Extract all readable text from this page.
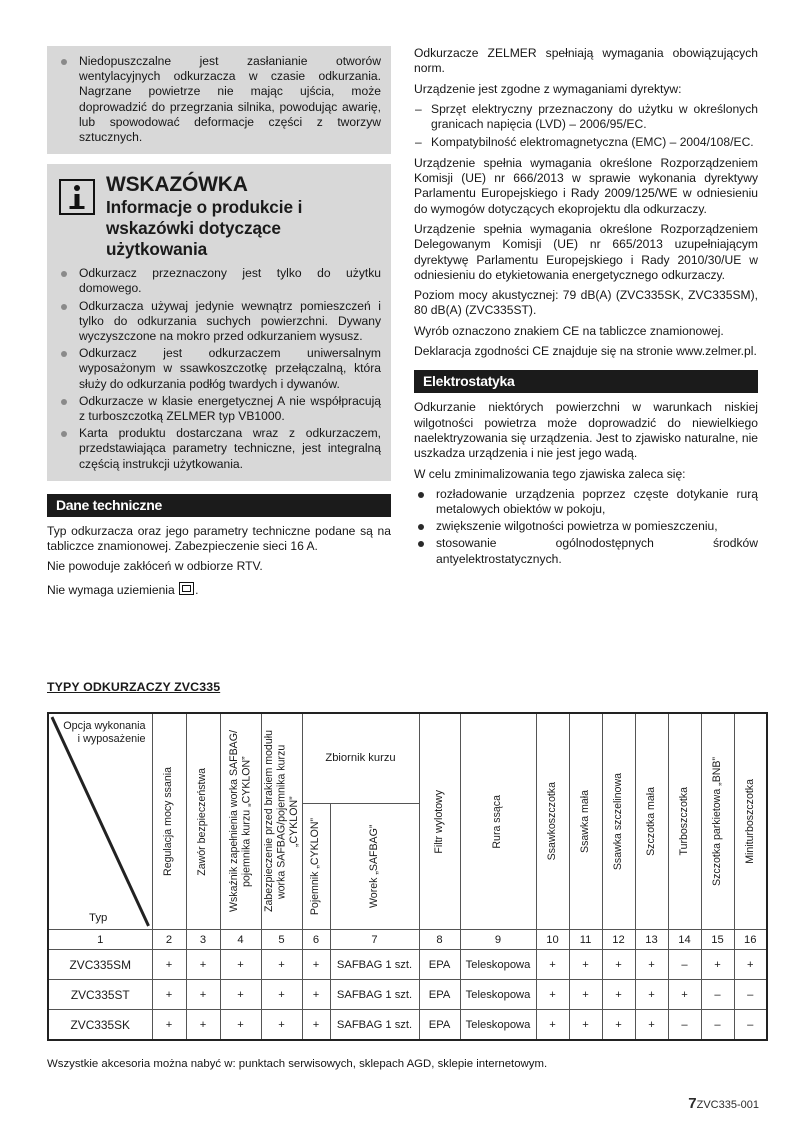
Niedopuszczalne jest zasłanianie otworów wentylacyjnych odkurzacza w czasie odkurzania. Nagrzane powietrze nie mając ujścia, może doprowadzić do przegrzania silnika, powodując awarię, lub spowodować deformacje części z tworzyw sztucznych.
WSKAZÓWKA
Informacje o produkcie i wskazówki dotyczące użytkowania
Odkurzacz przeznaczony jest tylko do użytku domowego.
Odkurzacza używaj jedynie wewnątrz pomieszczeń i tylko do odkurzania suchych powierzchni. Dywany wyczyszczone na mokro przed odkurzaniem wysusz.
Odkurzacz jest odkurzaczem uniwersalnym wyposażonym w ssawkoszczotkę przełączalną, która służy do odkurzania podłóg twardych i dywanów.
Odkurzacze w klasie energetycznej A nie współpracują z turboszczotką ZELMER typ VB1000.
Karta produktu dostarczana wraz z odkurzaczem, przedstawiająca parametry techniczne, jest integralną częścią instrukcji użytkowania.
Dane techniczne

Typ odkurzacza oraz jego parametry techniczne podane są na tabliczce znamionowej. Zabezpieczenie sieci 16 A.

Nie powoduje zakłóceń w odbiorze RTV.

Nie wymaga uziemienia .

Odkurzacze ZELMER spełniają wymagania obowiązujących norm.

Urządzenie jest zgodne z wymaganiami dyrektyw:

– Sprzęt elektryczny przeznaczony do użytku w określonych granicach napięcia (LVD) – 2006/95/EC.
– Kompatybilność elektromagnetyczna (EMC) – 2004/108/EC.

Urządzenie spełnia wymagania określone Rozporządzeniem Komisji (UE) nr 666/2013 w sprawie wykonania dyrektywy Parlamentu Europejskiego i Rady 2009/125/WE w odniesieniu do wymogów dotyczących ekoprojektu dla odkurzaczy.

Urządzenie spełnia wymagania określone Rozporządzeniem Delegowanym Komisji (UE) nr 665/2013 uzupełniającym dyrektywę Parlamentu Europejskiego i Rady 2010/30/UE w odniesieniu do etykietowania energetycznego odkurzaczy.

Poziom mocy akustycznej: 79 dB(A) (ZVC335SK, ZVC335SM), 80 dB(A) (ZVC335ST).

Wyrób oznaczono znakiem CE na tabliczce znamionowej.

Deklaracja zgodności CE znajduje się na stronie www.zelmer.pl.

Elektrostatyka

Odkurzanie niektórych powierzchni w warunkach niskiej wilgotności powietrza może doprowadzić do niewielkiego naelektryzowania się urządzenia. Jest to zjawisko naturalne, nie uszkadza urządzenia i nie jest jego wadą.

W celu zminimalizowania tego zjawiska zaleca się:

rozładowanie urządzenia poprzez częste dotykanie rurą metalowych obiektów w pokoju,
zwiększenie wilgotności powietrza w pomieszczeniu,
stosowanie ogólnodostępnych środków antyelektrostatycznych.
TYPY ODKURZACZY ZVC335
Opcja wykonania i wyposażenie
Typ	Regulacja mocy ssania	Zawór bezpieczeństwa	Wskaźnik zapełnienia worka SAFBAG/ pojemnika kurzu „CYKLON”	Zabezpieczenie przed brakiem modułu worka SAFBAG/pojemnika kurzu „CYKLON”	Zbiornik kurzu		Filtr wylotowy	Rura ssąca	Ssawkoszczotka	Ssawka mała	Ssawka szczelinowa	Szczotka mała	Turboszczotka	Szczotka parkietowa „BNB”	Miniturboszczotka

					Pojemnik „CYKLON”	Worek „SAFBAG”									

1	2	3	4	5	6	7	8	9	10	11	12	13	14	15	16
ZVC335SM	+	+	+	+	+	SAFBAG 1 szt.	EPA	Teleskopowa	+	+	+	+	–	+	+
ZVC335ST	+	+	+	+	+	SAFBAG 1 szt.	EPA	Teleskopowa	+	+	+	+	+	–	–
ZVC335SK	+	+	+	+	+	SAFBAG 1 szt.	EPA	Teleskopowa	+	+	+	+	–	–	–
Wszystkie akcesoria można nabyć w: punktach serwisowych, sklepach AGD, sklepie internetowym.
7ZVC335-001
